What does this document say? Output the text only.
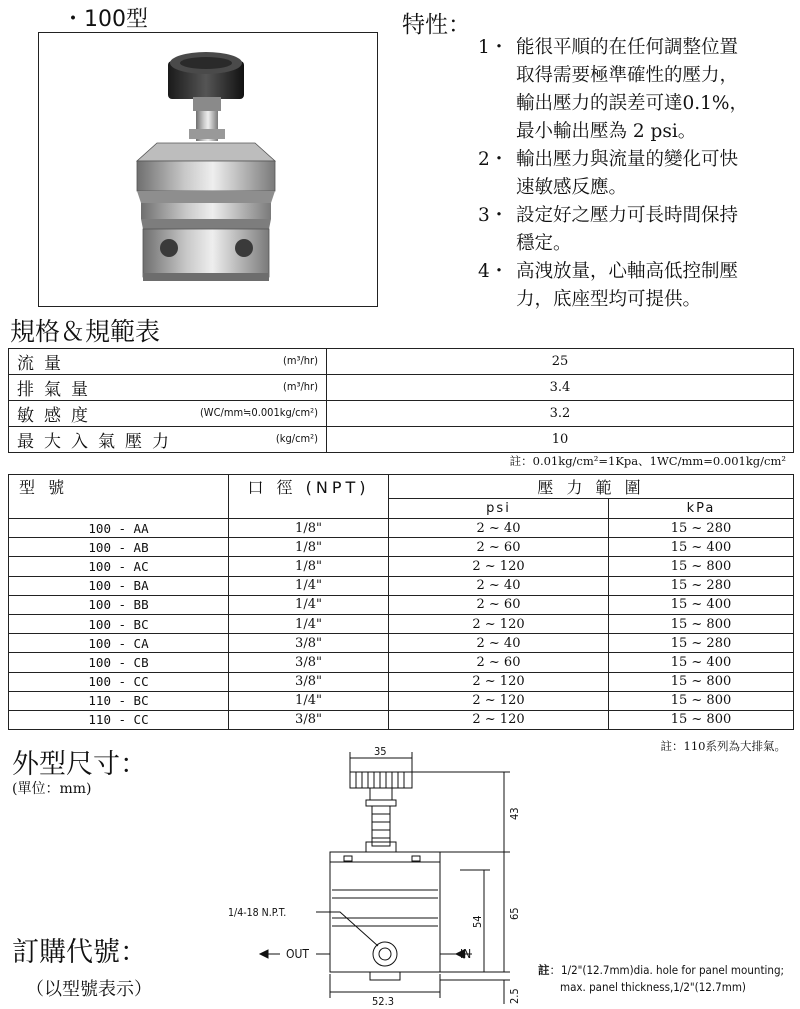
・100型	特性：
1・ 能很平順的在任何調整位置
取得需要極準確性的壓力，
輸出壓力的誤差可達0.1%，
最小輸出壓為 2 psi。
2・ 輸出壓力與流量的變化可快
速敏感反應。
3・ 設定好之壓力可長時間保持
穩定。
4・ 高洩放量，心軸高低控制壓
力，底座型均可提供。
規格＆規範表
流量 (m³/hr)	25
排氣量 (m³/hr)	3.4
敏感度 (WC/mm≒0.001kg/cm²)	3.2
最大入氣壓力 (kg/cm²)	10
註：0.01kg/cm²=1Kpa、1WC/mm=0.001kg/cm²
型 號	口 徑 (NPT)	壓 力 範 圍	
		psi	kPa
100 - AA	1/8"	2 ~ 40	15 ~ 280
100 - AB	1/8"	2 ~ 60	15 ~ 400
100 - AC	1/8"	2 ~ 120	15 ~ 800
100 - BA	1/4"	2 ~ 40	15 ~ 280
100 - BB	1/4"	2 ~ 60	15 ~ 400
100 - BC	1/4"	2 ~ 120	15 ~ 800
100 - CA	3/8"	2 ~ 40	15 ~ 280
100 - CB	3/8"	2 ~ 60	15 ~ 400
100 - CC	3/8"	2 ~ 120	15 ~ 800
110 - BC	1/4"	2 ~ 120	15 ~ 800
110 - CC	3/8"	2 ~ 120	15 ~ 800
註：110系列為大排氣。
外型尺寸：
(單位：mm)
35
43
54
65
2.5
52.3
1/4-18 N.P.T.
OUT	IN
註：1/2"(12.7mm)dia. hole for panel mounting;
max. panel thickness,1/2"(12.7mm)
訂購代號：
（以型號表示）
